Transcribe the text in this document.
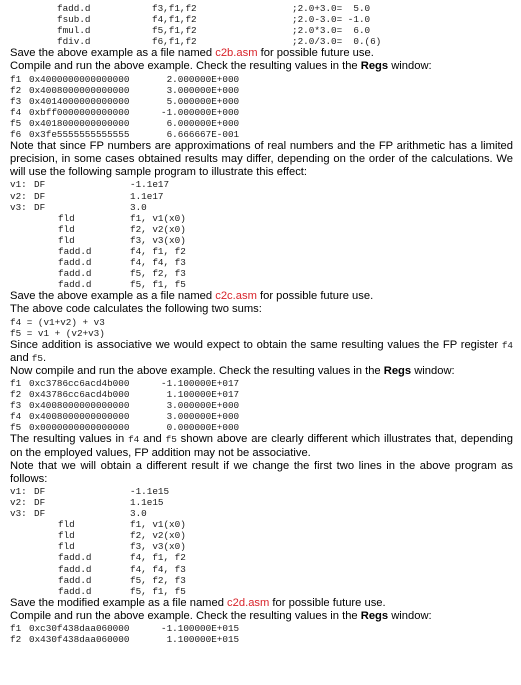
fadd.d	f3,f1,f2	;2.0+3.0=  5.0
fsub.d	f4,f1,f2	;2.0-3.0= -1.0
fmul.d	f5,f1,f2	;2.0*3.0=  6.0
fdiv.d	f6,f1,f2	;2.0/3.0=  0.(6)

Save the above example as a file named c2b.asm for possible future use.

Compile and run the above example. Check the resulting values in the Regs window:

f1 0x4000000000000000	2.000000E+000
f2 0x4008000000000000	3.000000E+000
f3 0x4014000000000000	5.000000E+000
f4 0xbff0000000000000	-1.000000E+000
f5 0x4018000000000000	6.000000E+000
f6 0x3fe5555555555555	6.666667E-001

Note that since FP numbers are approximations of real numbers and the FP arithmetic has a limited precision, in some cases obtained results may differ, depending on the order of the calculations. We will use the following sample program to illustrate this effect:

v1: DF	-1.1e17
v2: DF	1.1e17
v3: DF	3.0
fld	f1, v1(x0)
fld	f2, v2(x0)
fld	f3, v3(x0)
fadd.d	f4, f1, f2
fadd.d	f4, f4, f3
fadd.d	f5, f2, f3
fadd.d	f5, f1, f5

Save the above example as a file named c2c.asm for possible future use.

The above code calculates the following two sums:

f4 = (v1+v2) + v3
f5 = v1 + (v2+v3)

Since addition is associative we would expect to obtain the same resulting values the FP register f4 and f5.

Now compile and run the above example. Check the resulting values in the Regs window:

f1 0xc3786cc6acd4b000	-1.100000E+017
f2 0x43786cc6acd4b000	1.100000E+017
f3 0x4008000000000000	3.000000E+000
f4 0x4008000000000000	3.000000E+000
f5 0x0000000000000000	0.000000E+000

The resulting values in f4 and f5 shown above are clearly different which illustrates that, depending on the employed values, FP addition may not be associative.

Note that we will obtain a different result if we change the first two lines in the above program as follows:

v1: DF	-1.1e15
v2: DF	1.1e15
v3: DF	3.0
fld	f1, v1(x0)
fld	f2, v2(x0)
fld	f3, v3(x0)
fadd.d	f4, f1, f2
fadd.d	f4, f4, f3
fadd.d	f5, f2, f3
fadd.d	f5, f1, f5

Save the modified example as a file named c2d.asm for possible future use.

Compile and run the above example. Check the resulting values in the Regs window:

f1 0xc30f438daa060000	-1.100000E+015
f2 0x430f438daa060000	1.100000E+015
